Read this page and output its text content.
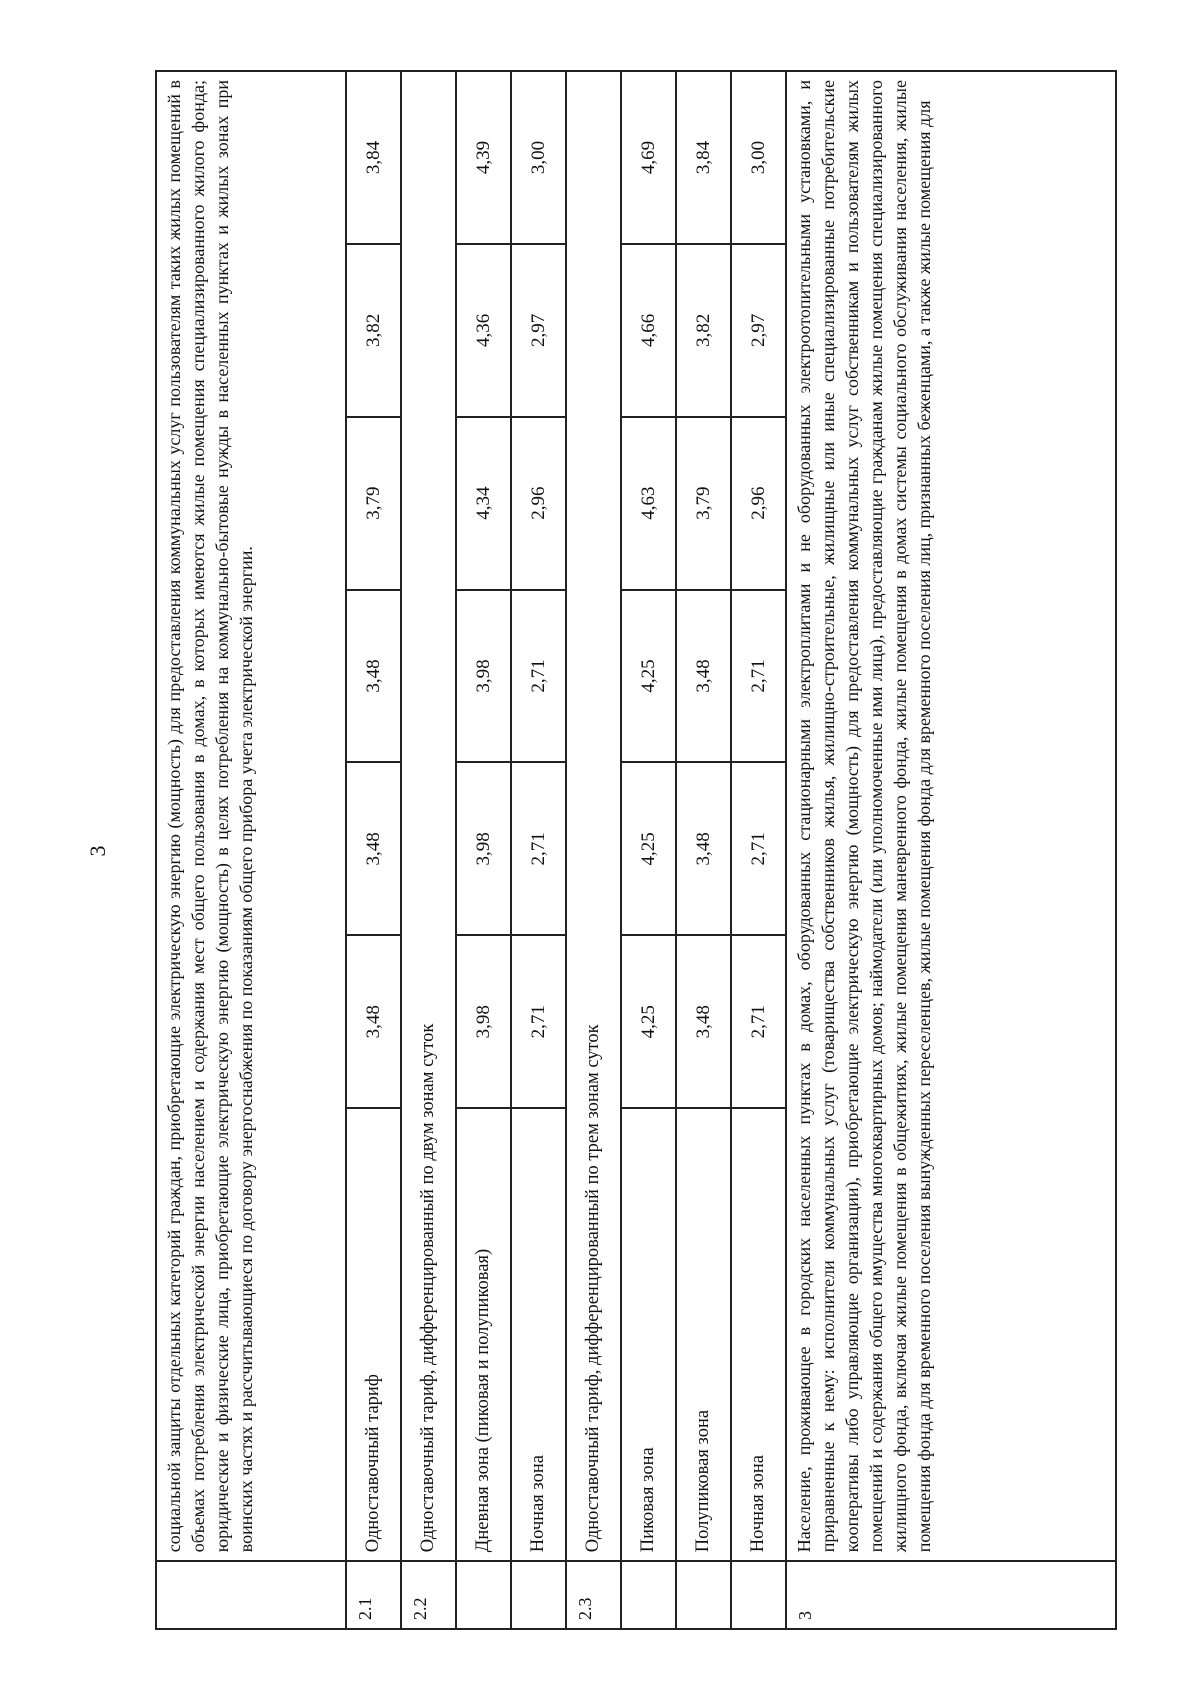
3
		социальной защиты отдельных категорий граждан, приобретающие электрическую энергию (мощность) для предоставления коммунальных услуг пользователям таких жилых помещений в объемах потребления электрической энергии населением и содержания мест общего пользования в домах, в которых имеются жилые помещения специализированного жилого фонда; юридические и физические лица, приобретающие электрическую энергию (мощность) в целях потребления на коммунально-бытовые нужды в населенных пунктах и жилых зонах при воинских частях и рассчитывающиеся по договору энергоснабжения по показаниям общего прибора учета электрической энергии.						
2.1	Одноставочный тариф	3,48	3,48	3,48	3,79	3,82	3,84
2.2	Одноставочный тариф, дифференцированный по двум зонам суток						
	Дневная зона (пиковая и полупиковая)	3,98	3,98	3,98	4,34	4,36	4,39
	Ночная зона	2,71	2,71	2,71	2,96	2,97	3,00
2.3	Одноставочный тариф, дифференцированный по трем зонам суток						
	Пиковая зона	4,25	4,25	4,25	4,63	4,66	4,69
	Полупиковая зона	3,48	3,48	3,48	3,79	3,82	3,84
	Ночная зона	2,71	2,71	2,71	2,96	2,97	3,00
3	Население, проживающее в городских населенных пунктах в домах, оборудованных стационарными электроплитами и не оборудованных электроотопительными установками, и приравненные к нему: исполнители коммунальных услуг (товарищества собственников жилья, жилищно-строительные, жилищные или иные специализированные потребительские кооперативы либо управляющие организации), приобретающие электрическую энергию (мощность) для предоставления коммунальных услуг собственникам и пользователям жилых помещений и содержания общего имущества многоквартирных домов; наймодатели (или уполномоченные ими лица), предоставляющие гражданам жилые помещения специализированного жилищного фонда, включая жилые помещения в общежитиях, жилые помещения маневренного фонда, жилые помещения в домах системы социального обслуживания населения, жилые помещения фонда для временного поселения вынужденных переселенцев, жилые помещения фонда для временного поселения лиц, признанных беженцами, а также жилые помещения для						
